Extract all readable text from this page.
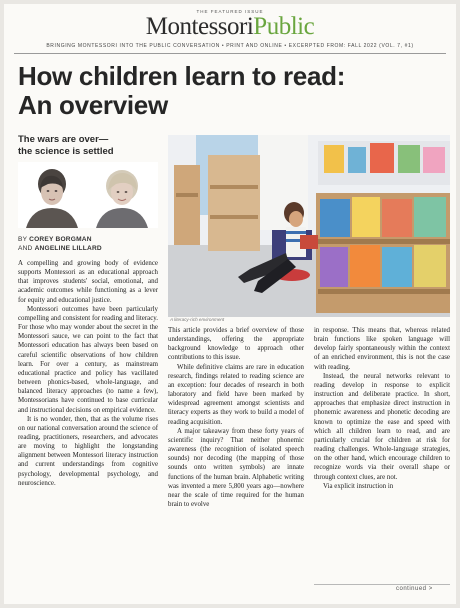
THE FEATURED ISSUE
MontessoriPublic
BRINGING MONTESSORI INTO THE PUBLIC CONVERSATION • PRINT AND ONLINE • EXCERPTED FROM: FALL 2022 (VOL. 7, #1)
How children learn to read:
An overview
The wars are over—
the science is settled
BY COREY BORGMAN
AND ANGELINE LILLARD

A compelling and growing body of evidence supports Montessori as an educational approach that improves students' social, emotional, and academic outcomes while functioning as a lever for equity and educational justice.

Montessori outcomes have been particularly compelling and consistent for reading and literacy. For those who may wonder about the secret in the Montessori sauce, we can point to the fact that Montessori education has always been based on careful scientific observations of how children learn. For over a century, as mainstream educational practice and policy has vacillated between phonics-based, whole-language, and balanced literacy approaches (to name a few), Montessorians have continued to base curricular and instructional decisions on empirical evidence.

It is no wonder, then, that as the volume rises on our national conversation around the science of reading, practitioners, researchers, and advocates are moving to highlight the longstanding alignment between Montessori literacy instruction and current understandings from cognitive psychology, developmental psychology, and neuroscience.

A literacy-rich environment

This article provides a brief overview of those understandings, offering the appropriate background knowledge to approach other contributions to this issue.

While definitive claims are rare in education research, findings related to reading science are an exception: four decades of research in both laboratory and field have been marked by widespread agreement amongst scientists and literacy experts as they work to build a model of reading acquisition.

A major takeaway from these forty years of scientific inquiry? That neither phonemic awareness (the recognition of isolated speech sounds) nor decoding (the mapping of those sounds onto written symbols) are innate functions of the human brain. Alphabetic writing was invented a mere 5,800 years ago—nowhere near the scale of time required for the human brain to evolve

in response. This means that, whereas related brain functions like spoken language will develop fairly spontaneously within the context of an enriched environment, this is not the case with reading.

Instead, the neural networks relevant to reading develop in response to explicit instruction and deliberate practice. In short, approaches that emphasize direct instruction in phonemic awareness and phonetic decoding are known to optimize the ease and speed with which all children learn to read, and are particularly crucial for children at risk for reading challenges. Whole-language strategies, on the other hand, which encourage children to recognize words via their overall shape or through context clues, are not.

Via explicit instruction in

continued >
